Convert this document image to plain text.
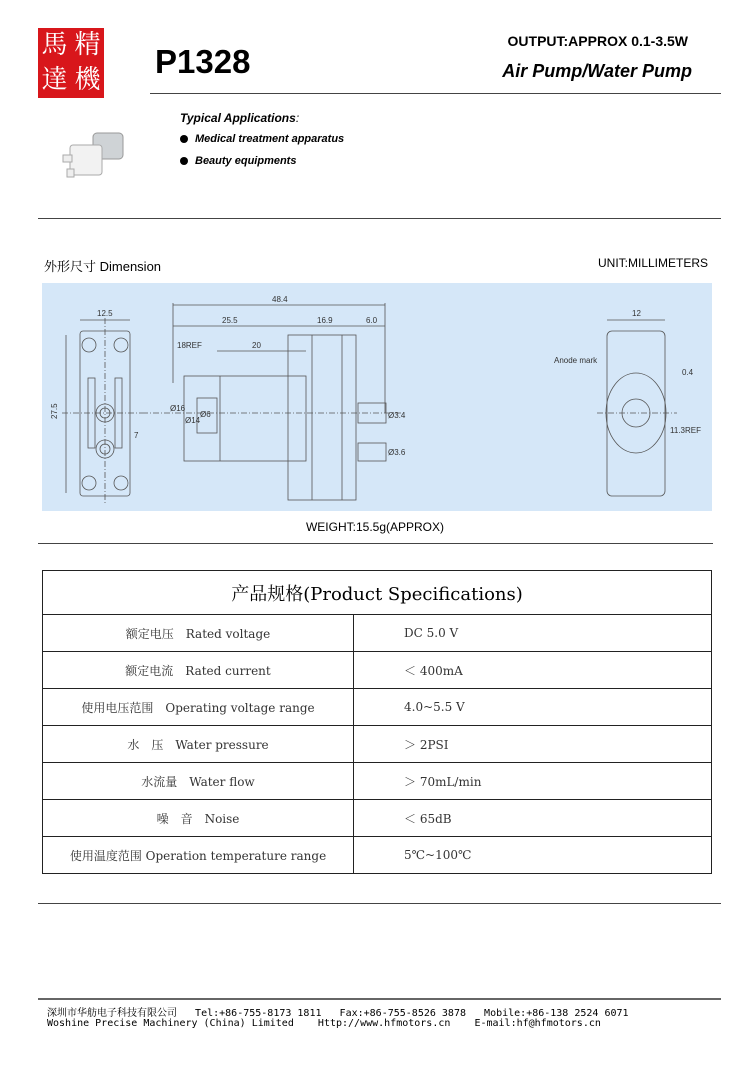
馬 精
達 機 P1328
OUTPUT:APPROX 0.1-3.5W
Air Pump/Water Pump
Typical Applications:
Medical treatment apparatus
Beauty equipments
外形尺寸 Dimension	UNIT:MILLIMETERS
12.5
27.5
7
48.4
25.5	16.9	6.0
18REF	20
Ø16
Ø14
Ø6	Ø3.4
Ø3.6
12
Anode mark
0.4
11.3REF
WEIGHT:15.5g(APPROX)
产品规格(Product Specifications)	
额定电压　Rated voltage	DC 5.0 V
额定电流　Rated current	＜ 400mA
使用电压范围　Operating voltage range	4.0~5.5 V
水　压　Water pressure	＞ 2PSI
水流量　Water flow	＞ 70mL/min
噪　音　Noise	＜ 65dB
使用温度范围 Operation temperature range	5℃~100℃
深圳市华舫电子科技有限公司   Tel:+86-755-8173 1811   Fax:+86-755-8526 3878   Mobile:+86-138 2524 6071
Woshine Precise Machinery (China) Limited    Http://www.hfmotors.cn    E-mail:hf@hfmotors.cn
